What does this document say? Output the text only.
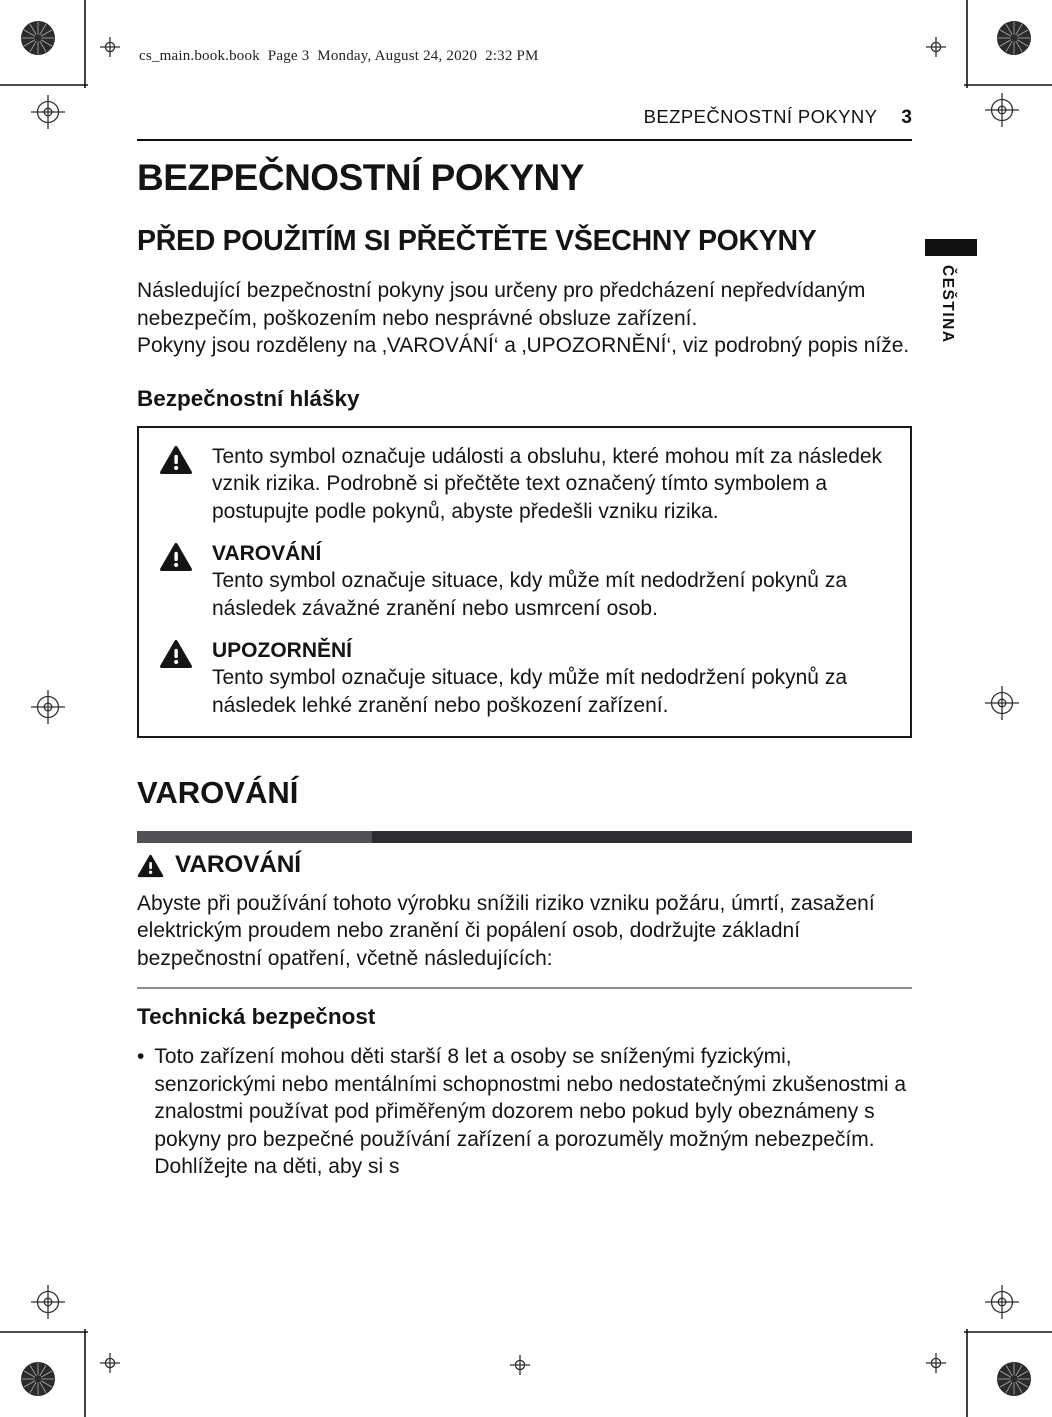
cs_main.book.book  Page 3  Monday, August 24, 2020  2:32 PM
BEZPEČNOSTNÍ POKYNY 3
ČEŠTINA
BEZPEČNOSTNÍ POKYNY
PŘED POUŽITÍM SI PŘEČTĚTE VŠECHNY POKYNY

Následující bezpečnostní pokyny jsou určeny pro předcházení nepředvídaným nebezpečím, poškozením nebo nesprávné obsluze zařízení.

Pokyny jsou rozděleny na ‚VAROVÁNÍ‘ a ‚UPOZORNĚNÍ‘, viz podrobný popis níže.

Bezpečnostní hlášky

Tento symbol označuje události a obsluhu, které mohou mít za následek vznik rizika. Podrobně si přečtěte text označený tímto symbolem a postupujte podle pokynů, abyste předešli vzniku rizika.

VAROVÁNÍ

Tento symbol označuje situace, kdy může mít nedodržení pokynů za následek závažné zranění nebo usmrcení osob.

UPOZORNĚNÍ

Tento symbol označuje situace, kdy může mít nedodržení pokynů za následek lehké zranění nebo poškození zařízení.

VAROVÁNÍ
VAROVÁNÍ

Abyste při používání tohoto výrobku snížili riziko vzniku požáru, úmrtí, zasažení elektrickým proudem nebo zranění či popálení osob, dodržujte základní bezpečnostní opatření, včetně následujících:

Technická bezpečnost
• Toto zařízení mohou děti starší 8 let a osoby se sníženými fyzickými, senzorickými nebo mentálními schopnostmi nebo nedostatečnými zkušenostmi a znalostmi používat pod přiměřeným dozorem nebo pokud byly obeznámeny s pokyny pro bezpečné používání zařízení a porozuměly možným nebezpečím. Dohlížejte na děti, aby si s
